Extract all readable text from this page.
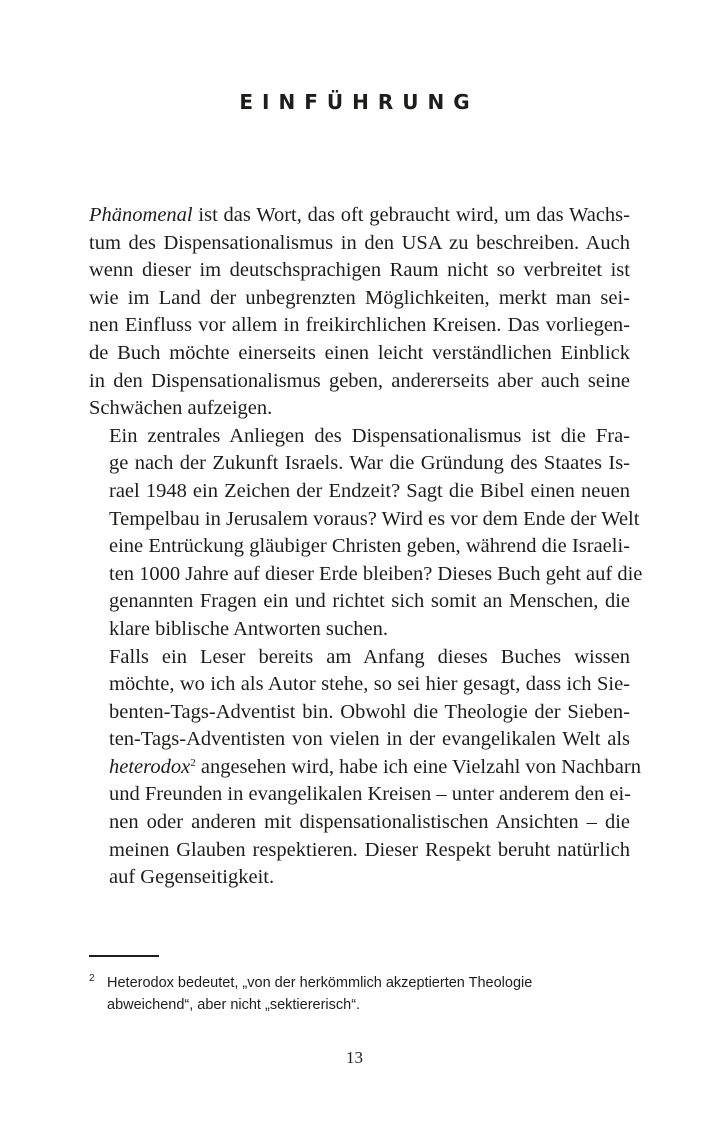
EINFÜHRUNG

Phänomenal ist das Wort, das oft gebraucht wird, um das Wachs-
tum des Dispensationalismus in den USA zu beschreiben. Auch
wenn dieser im deutschsprachigen Raum nicht so verbreitet ist
wie im Land der unbegrenzten Möglichkeiten, merkt man sei-
nen Einfluss vor allem in freikirchlichen Kreisen. Das vorliegen-
de Buch möchte einerseits einen leicht verständlichen Einblick
in den Dispensationalismus geben, andererseits aber auch seine
Schwächen aufzeigen.

Ein zentrales Anliegen des Dispensationalismus ist die Fra-
ge nach der Zukunft Israels. War die Gründung des Staates Is-
rael 1948 ein Zeichen der Endzeit? Sagt die Bibel einen neuen
Tempelbau in Jerusalem voraus? Wird es vor dem Ende der Welt
eine Entrückung gläubiger Christen geben, während die Israeli-
ten 1000 Jahre auf dieser Erde bleiben? Dieses Buch geht auf die
genannten Fragen ein und richtet sich somit an Menschen, die
klare biblische Antworten suchen.

Falls ein Leser bereits am Anfang dieses Buches wissen
möchte, wo ich als Autor stehe, so sei hier gesagt, dass ich Sie-
benten-Tags-Adventist bin. Obwohl die Theologie der Sieben-
ten-Tags-Adventisten von vielen in der evangelikalen Welt als
heterodox$^2$ angesehen wird, habe ich eine Vielzahl von Nachbarn
und Freunden in evangelikalen Kreisen – unter anderem den ei-
nen oder anderen mit dispensationalistischen Ansichten – die
meinen Glauben respektieren. Dieser Respekt beruht natürlich
auf Gegenseitigkeit.

2 Heterodox bedeutet, „von der herkömmlich akzeptierten Theologie
abweichend“, aber nicht „sektiererisch“.
13
